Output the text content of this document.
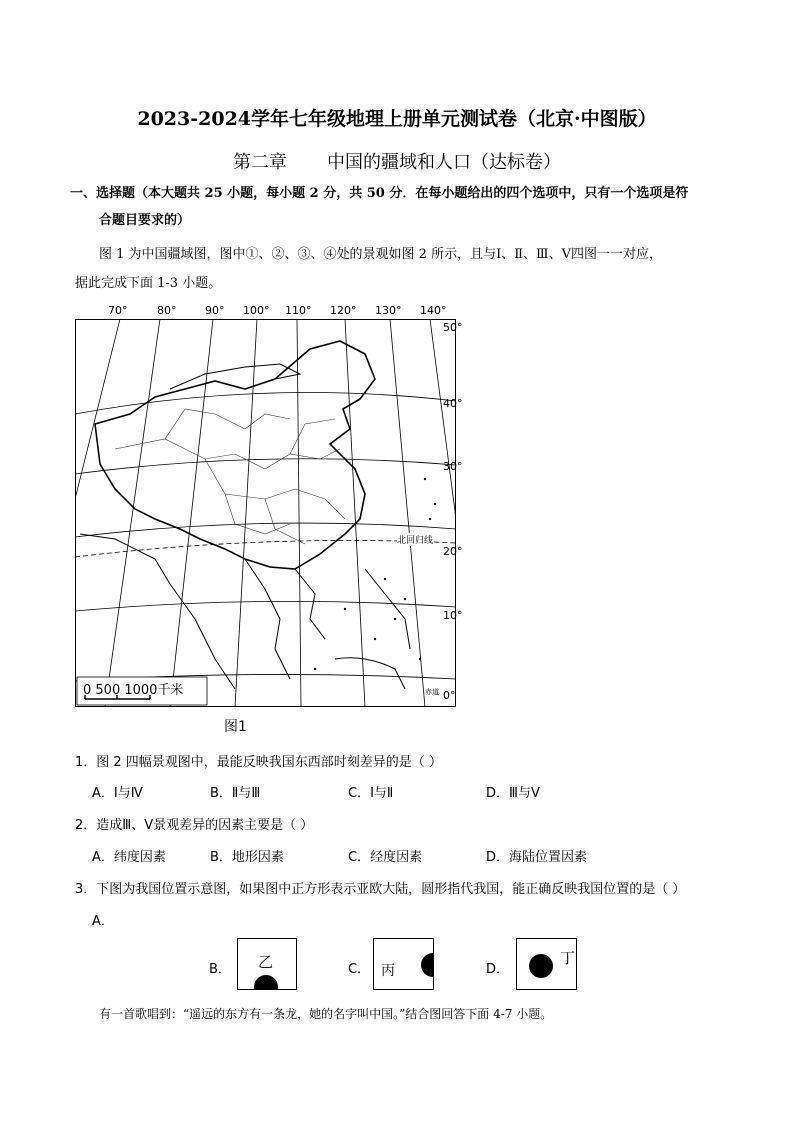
2023-2024学年七年级地理上册单元测试卷（北京·中图版）
第二章 中国的疆域和人口（达标卷）
一、选择题（本大题共 25 小题，每小题 2 分，共 50 分．在每小题给出的四个选项中，只有一个选项是符
合题目要求的）
图 1 为中国疆域图，图中①、②、③、④处的景观如图 2 所示，且与Ⅰ、Ⅱ、Ⅲ、Ⅴ四图一一对应，
据此完成下面 1-3 小题。
70°	80°	90° 100° 110° 120° 130° 140°
50°
40°
30°
20°
10°
0°
北回归线
赤道
0 500 1000千米
图1
1．图 2 四幅景观图中，最能反映我国东西部时刻差异的是（ ）
A．Ⅰ与Ⅳ	B．Ⅱ与Ⅲ	C．Ⅰ与Ⅱ	D．Ⅲ与Ⅴ
2．造成Ⅲ、Ⅴ景观差异的因素主要是（ ）
A．纬度因素	B．地形因素	C．经度因素	D．海陆位置因素
3．下图为我国位置示意图，如果图中正方形表示亚欧大陆，圆形指代我国，能正确反映我国位置的是（ ）
A．
B． 乙	C． 丙	D．
丁
有一首歌唱到：“遥远的东方有一条龙，她的名字叫中国。”结合图回答下面 4-7 小题。
